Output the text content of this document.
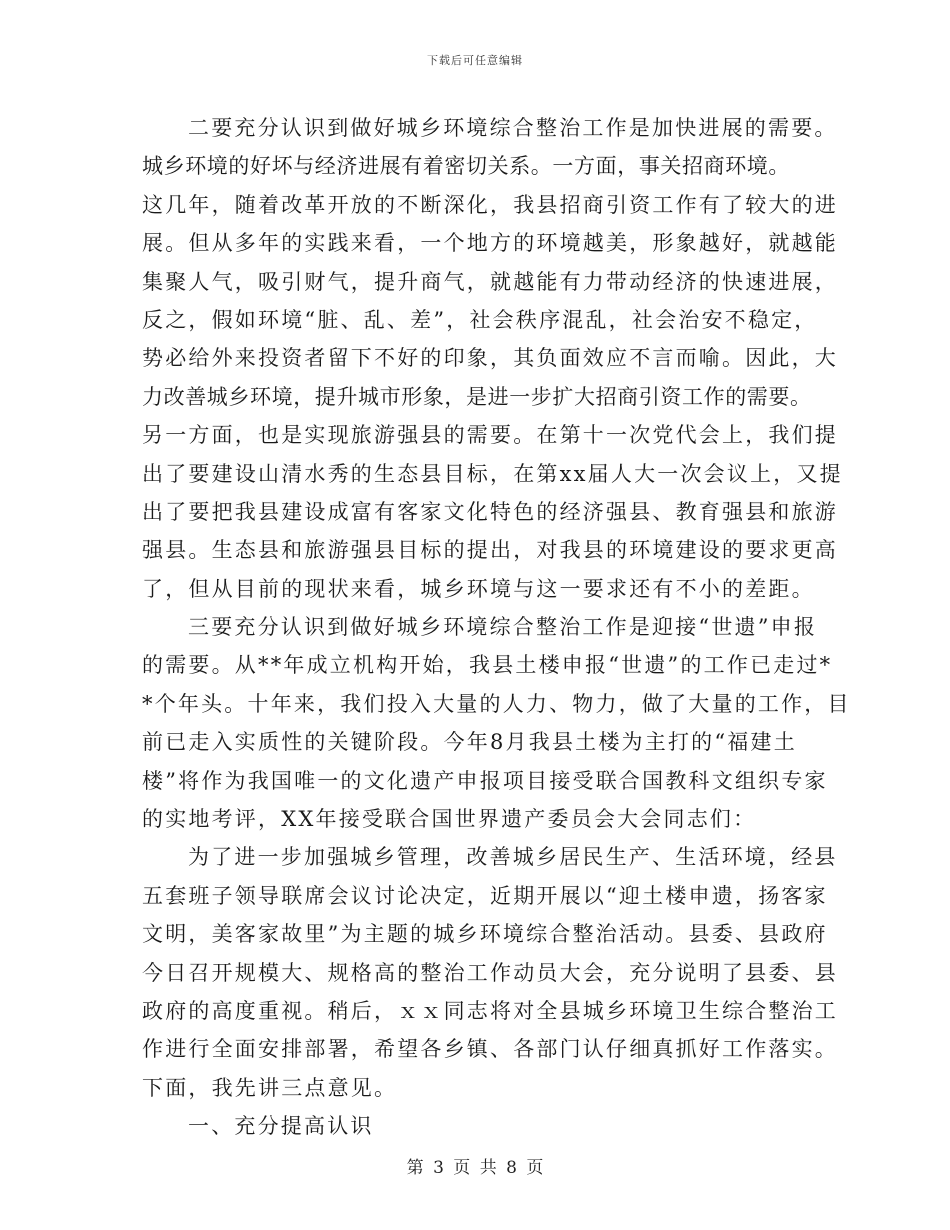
下载后可任意编辑
二要充分认识到做好城乡环境综合整治工作是加快进展的需要。
城乡环境的好坏与经济进展有着密切关系。一方面，事关招商环境。
这几年，随着改革开放的不断深化，我县招商引资工作有了较大的进
展。但从多年的实践来看，一个地方的环境越美，形象越好，就越能
集聚人气，吸引财气，提升商气，就越能有力带动经济的快速进展，
反之，假如环境“脏、乱、差”，社会秩序混乱，社会治安不稳定，
势必给外来投资者留下不好的印象，其负面效应不言而喻。因此，大
力改善城乡环境，提升城市形象，是进一步扩大招商引资工作的需要。
另一方面，也是实现旅游强县的需要。在第十一次党代会上，我们提
出了要建设山清水秀的生态县目标，在第xx届人大一次会议上，又提
出了要把我县建设成富有客家文化特色的经济强县、教育强县和旅游
强县。生态县和旅游强县目标的提出，对我县的环境建设的要求更高
了，但从目前的现状来看，城乡环境与这一要求还有不小的差距。
三要充分认识到做好城乡环境综合整治工作是迎接“世遗”申报
的需要。从**年成立机构开始，我县土楼申报“世遗”的工作已走过*
*个年头。十年来，我们投入大量的人力、物力，做了大量的工作，目
前已走入实质性的关键阶段。今年8月我县土楼为主打的“福建土
楼”将作为我国唯一的文化遗产申报项目接受联合国教科文组织专家
的实地考评，XX年接受联合国世界遗产委员会大会同志们：
为了进一步加强城乡管理，改善城乡居民生产、生活环境，经县
五套班子领导联席会议讨论决定，近期开展以“迎土楼申遗，扬客家
文明，美客家故里”为主题的城乡环境综合整治活动。县委、县政府
今日召开规模大、规格高的整治工作动员大会，充分说明了县委、县
政府的高度重视。稍后，ｘｘ同志将对全县城乡环境卫生综合整治工
作进行全面安排部署，希望各乡镇、各部门认仔细真抓好工作落实。
下面，我先讲三点意见。
一、充分提高认识
第 3 页 共 8 页
